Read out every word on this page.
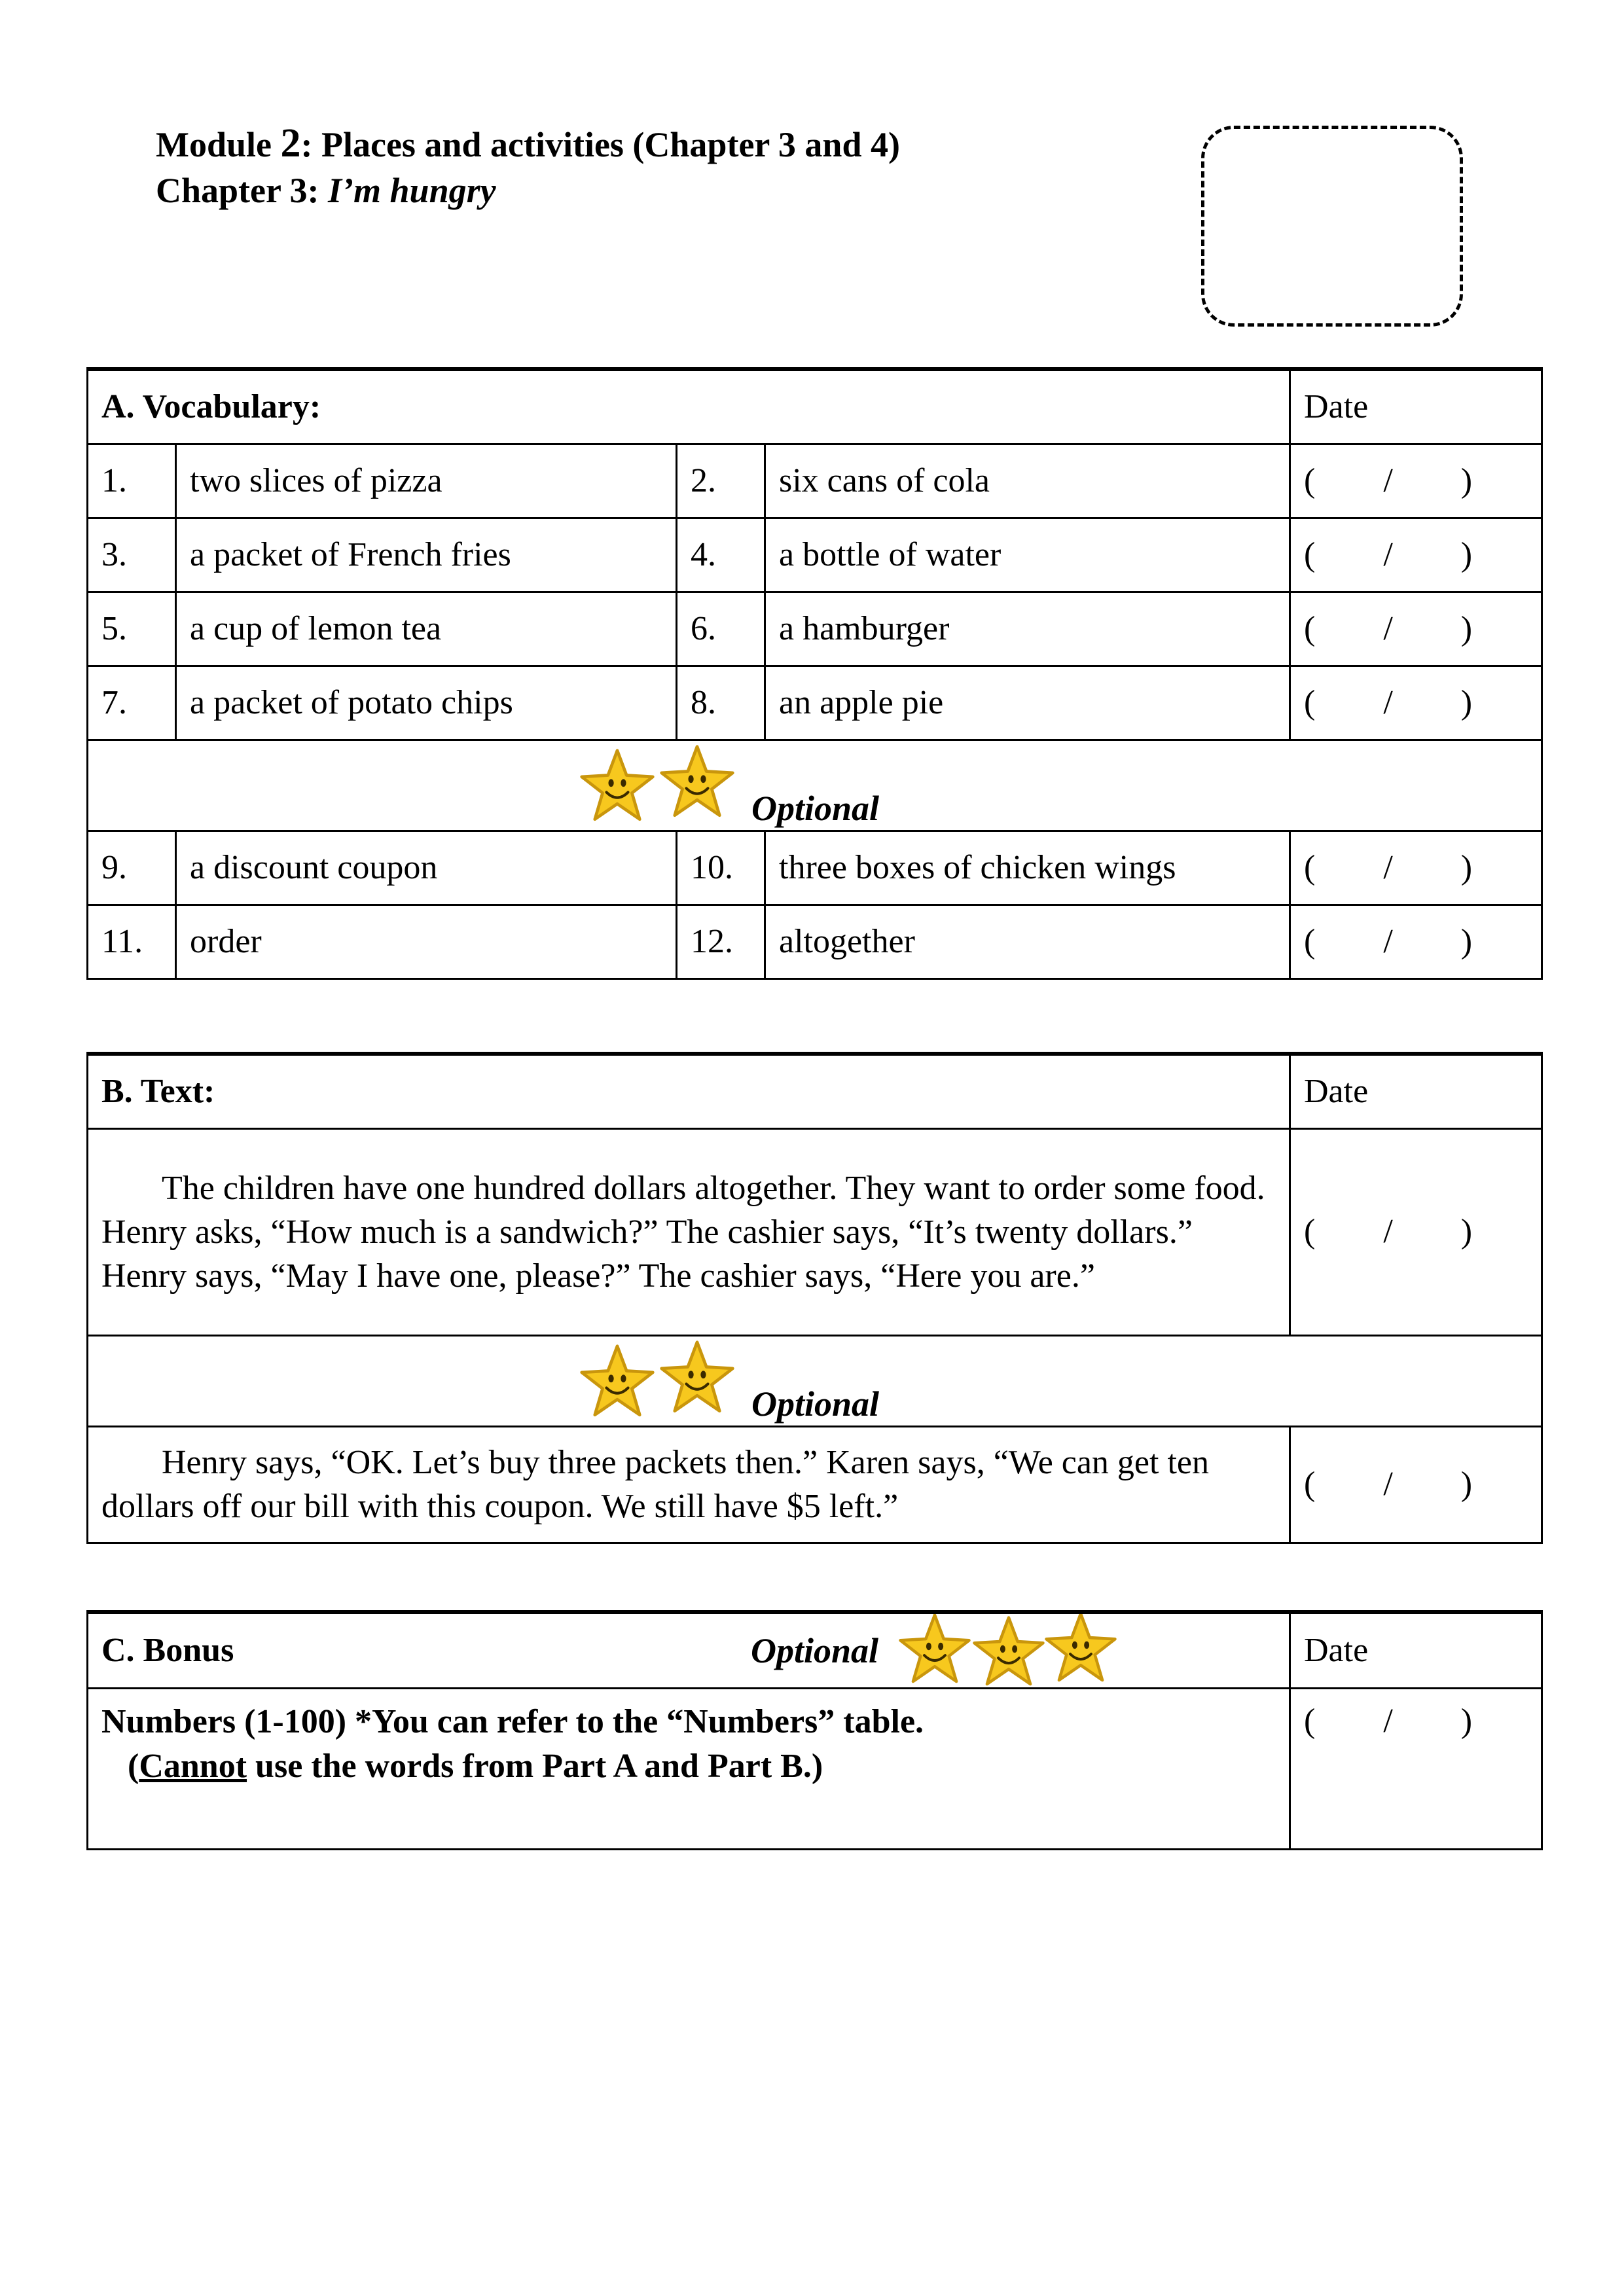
Module 2: Places and activities (Chapter 3 and 4)
Chapter 3: I’m hungry
A. Vocabulary:				Date
1.	two slices of pizza	2.	six cans of cola	(        /        )
3.	a packet of French fries	4.	a bottle of water	(        /        )
5.	a cup of lemon tea	6.	a hamburger	(        /        )
7.	a packet of potato chips	8.	an apple pie	(        /        )

Optional				

9.	a discount coupon	10.	three boxes of chicken wings	(        /        )
11.	order	12.	altogether	(        /        )
B. Text:	Date

The children have one hundred dollars altogether. They want to order some food. Henry asks, “How much is a sandwich?” The cashier says, “It’s twenty dollars.” Henry says, “May I have one, please?” The cashier says, “Here you are.”	(        /        )

Optional	

Henry says, “OK. Let’s buy three packets then.” Karen says, “We can get ten dollars off our bill with this coupon. We still have $5 left.”	(        /        )
C. Bonus Optional	Date

Numbers (1-100) *You can refer to the “Numbers” table.
(Cannot use the words from Part A and Part B.)	(        /        )
